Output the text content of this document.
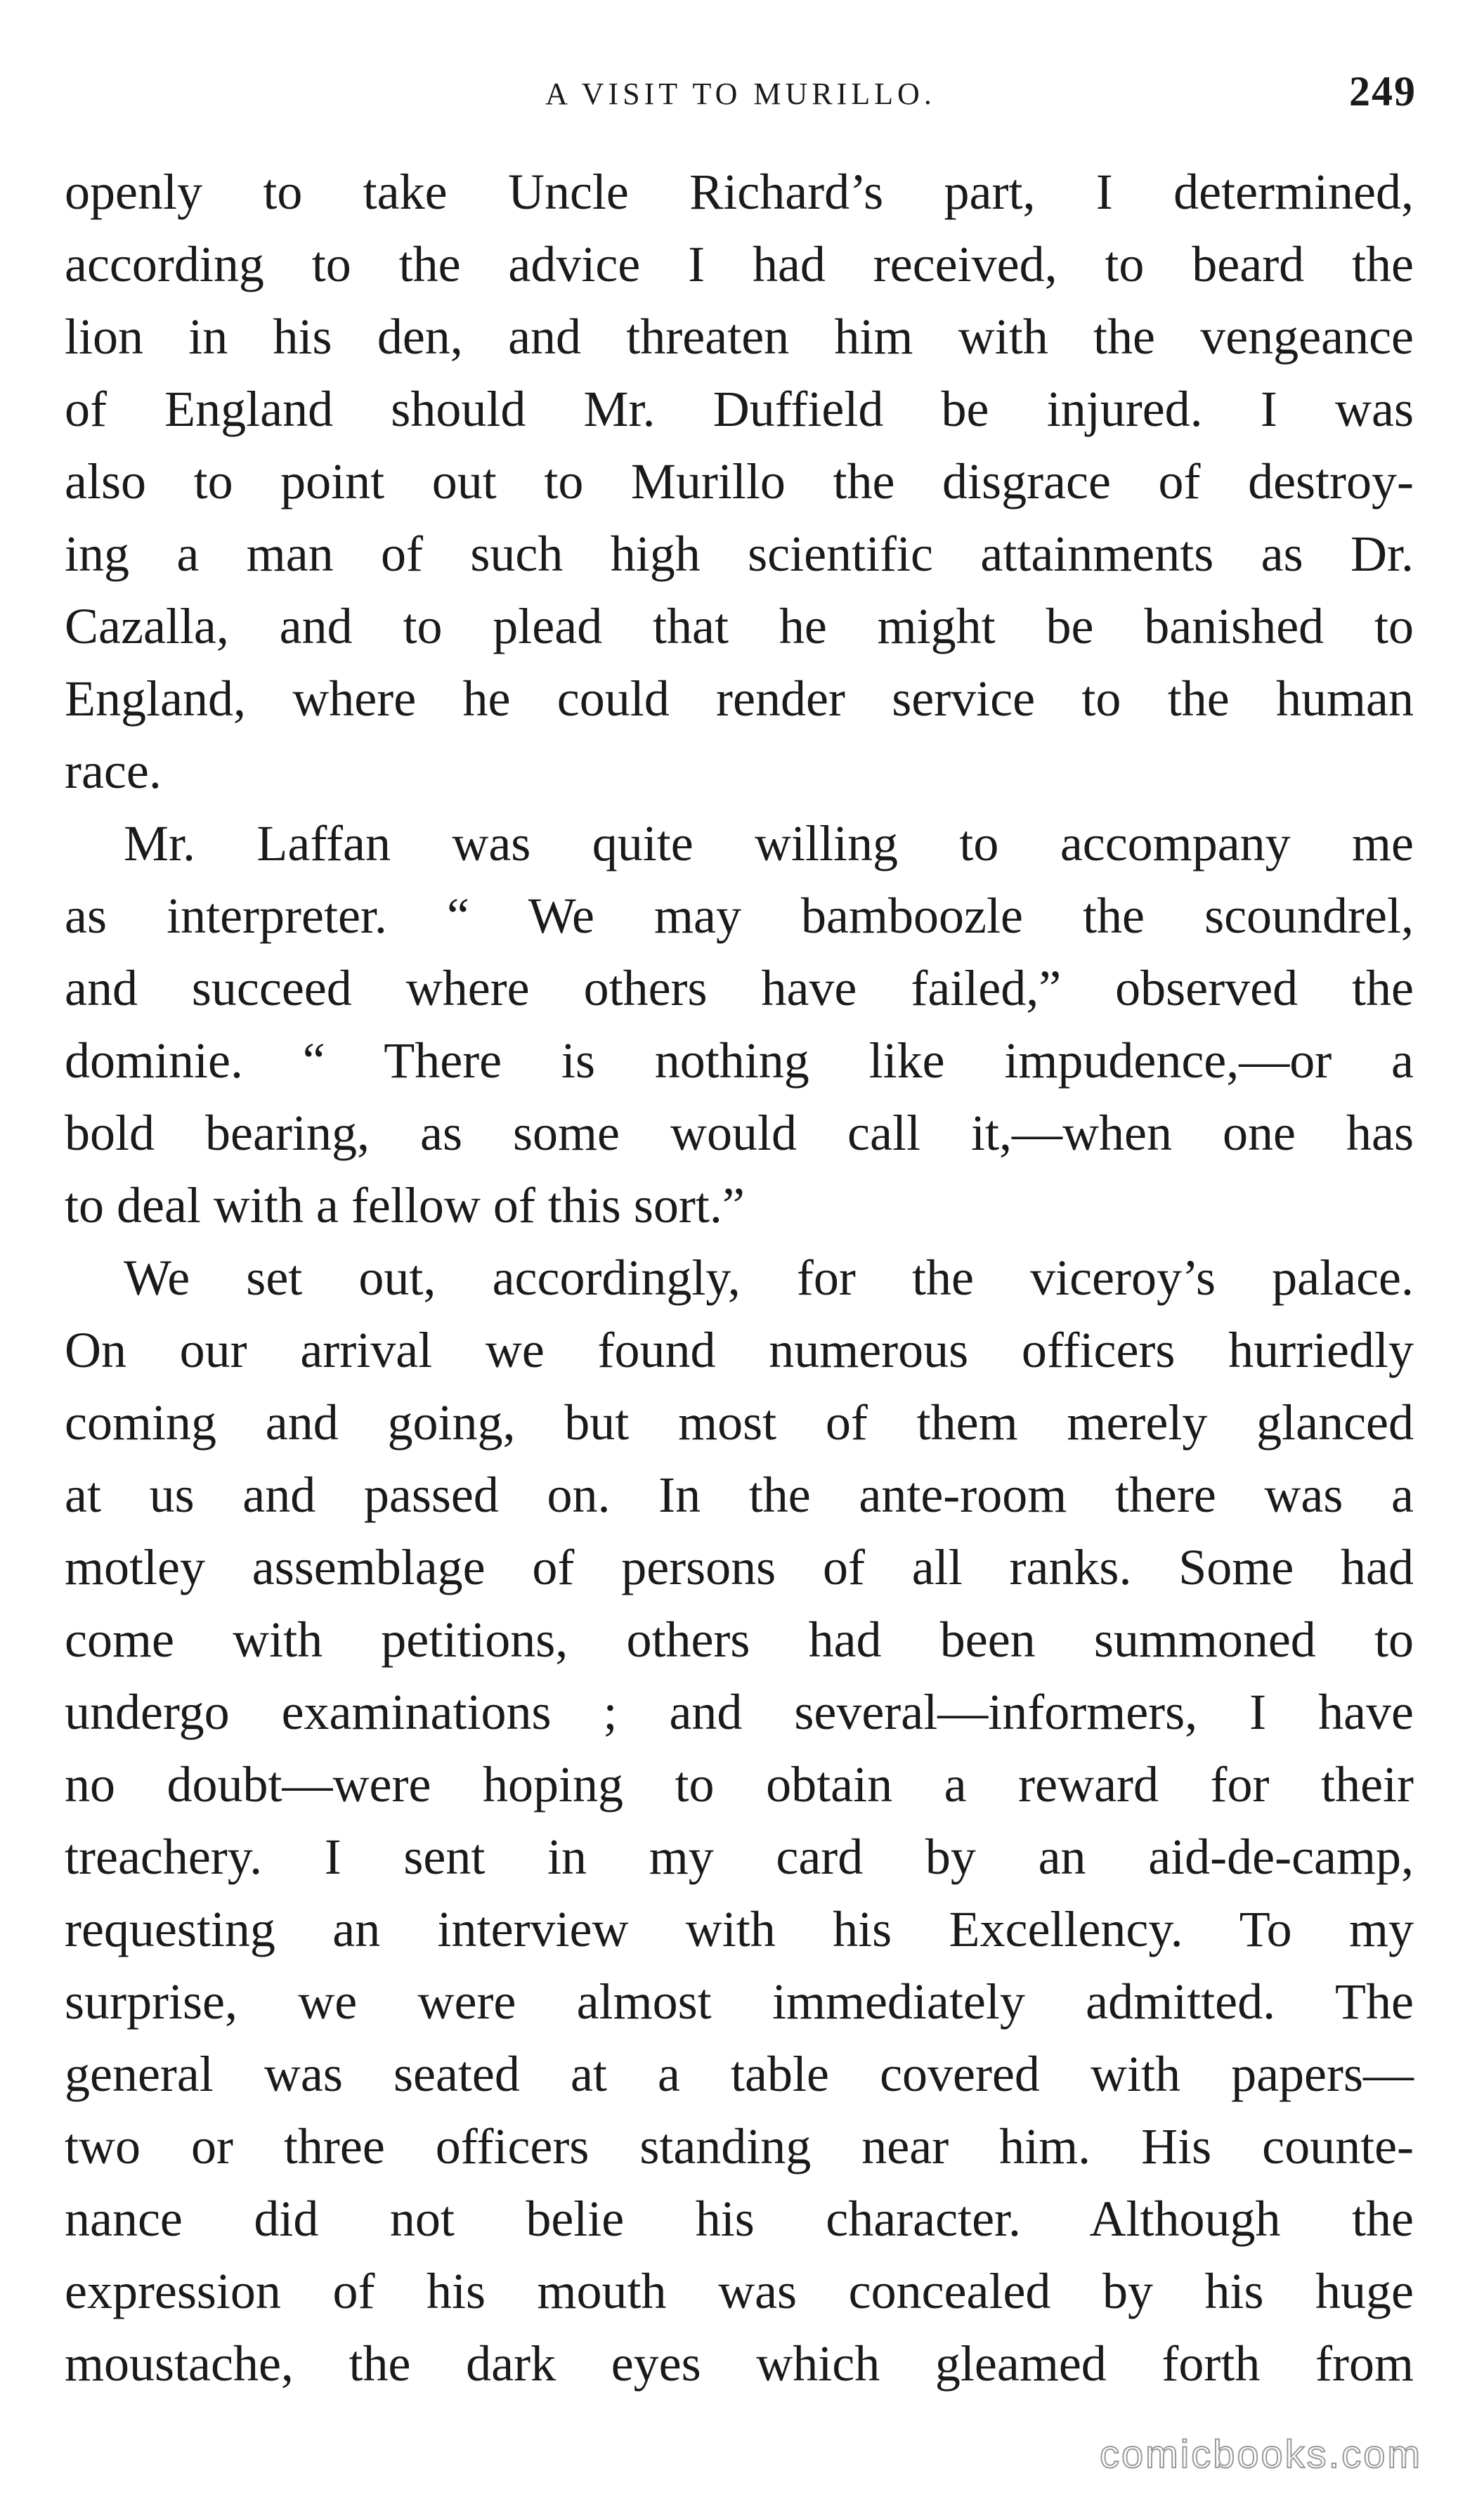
A VISIT TO MURILLO.	249
openly to take Uncle Richard’s part, I determined,
according to the advice I had received, to beard the
lion in his den, and threaten him with the vengeance
of England should Mr. Duffield be injured. I was
also to point out to Murillo the disgrace of destroy-
ing a man of such high scientific attainments as Dr.
Cazalla, and to plead that he might be banished to
England, where he could render service to the human
race.
Mr. Laffan was quite willing to accompany me
as interpreter. “ We may bamboozle the scoundrel,
and succeed where others have failed,” observed the
dominie. “ There is nothing like impudence,—or a
bold bearing, as some would call it,—when one has
to deal with a fellow of this sort.”
We set out, accordingly, for the viceroy’s palace.
On our arrival we found numerous officers hurriedly
coming and going, but most of them merely glanced
at us and passed on. In the ante-room there was a
motley assemblage of persons of all ranks. Some had
come with petitions, others had been summoned to
undergo examinations ; and several—informers, I have
no doubt—were hoping to obtain a reward for their
treachery. I sent in my card by an aid-de-camp,
requesting an interview with his Excellency. To my
surprise, we were almost immediately admitted. The
general was seated at a table covered with papers—
two or three officers standing near him. His counte-
nance did not belie his character. Although the
expression of his mouth was concealed by his huge
moustache, the dark eyes which gleamed forth from
comicbooks.com
